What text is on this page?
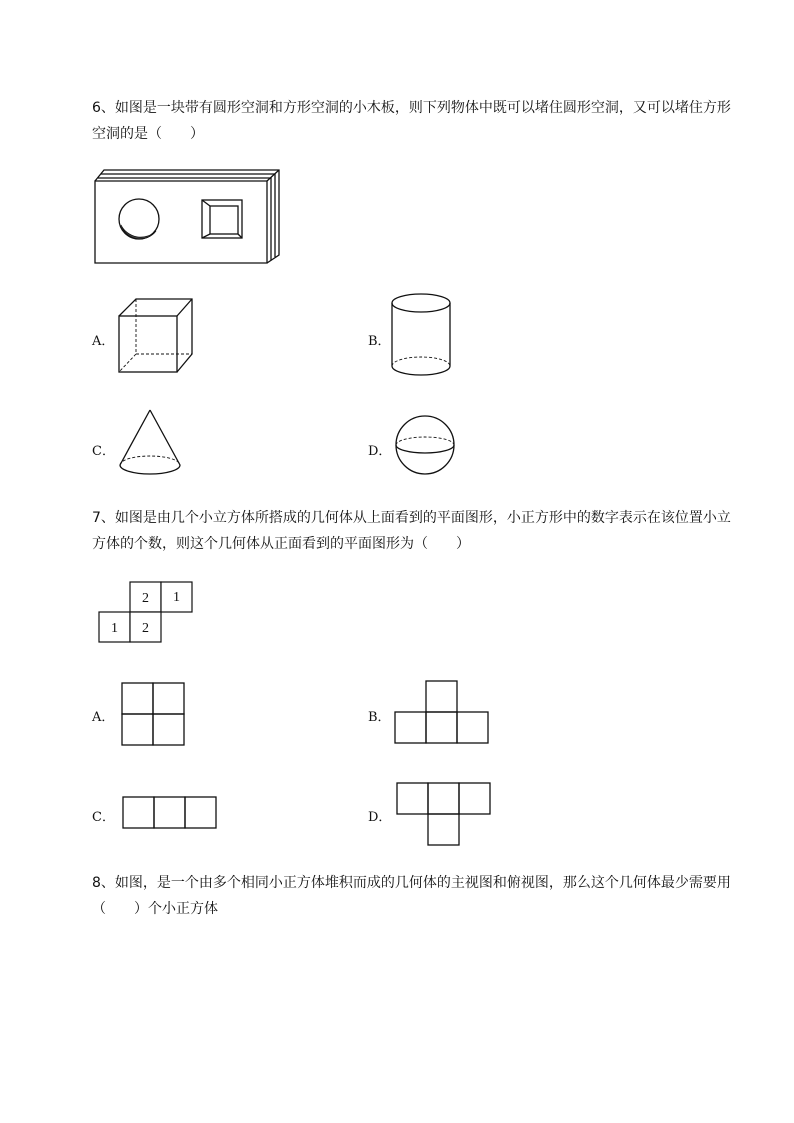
6、如图是一块带有圆形空洞和方形空洞的小木板，则下列物体中既可以堵住圆形空洞，又可以堵住方形空洞的是（　　）

A．	B．
C．	D．

7、如图是由几个小立方体所搭成的几何体从上面看到的平面图形，小正方形中的数字表示在该位置小立方体的个数，则这个几何体从正面看到的平面图形为（　　）

2 1
1 2
A．	B．
C．	D．

8、如图，是一个由多个相同小正方体堆积而成的几何体的主视图和俯视图，那么这个几何体最少需要用（　　）个小正方体
